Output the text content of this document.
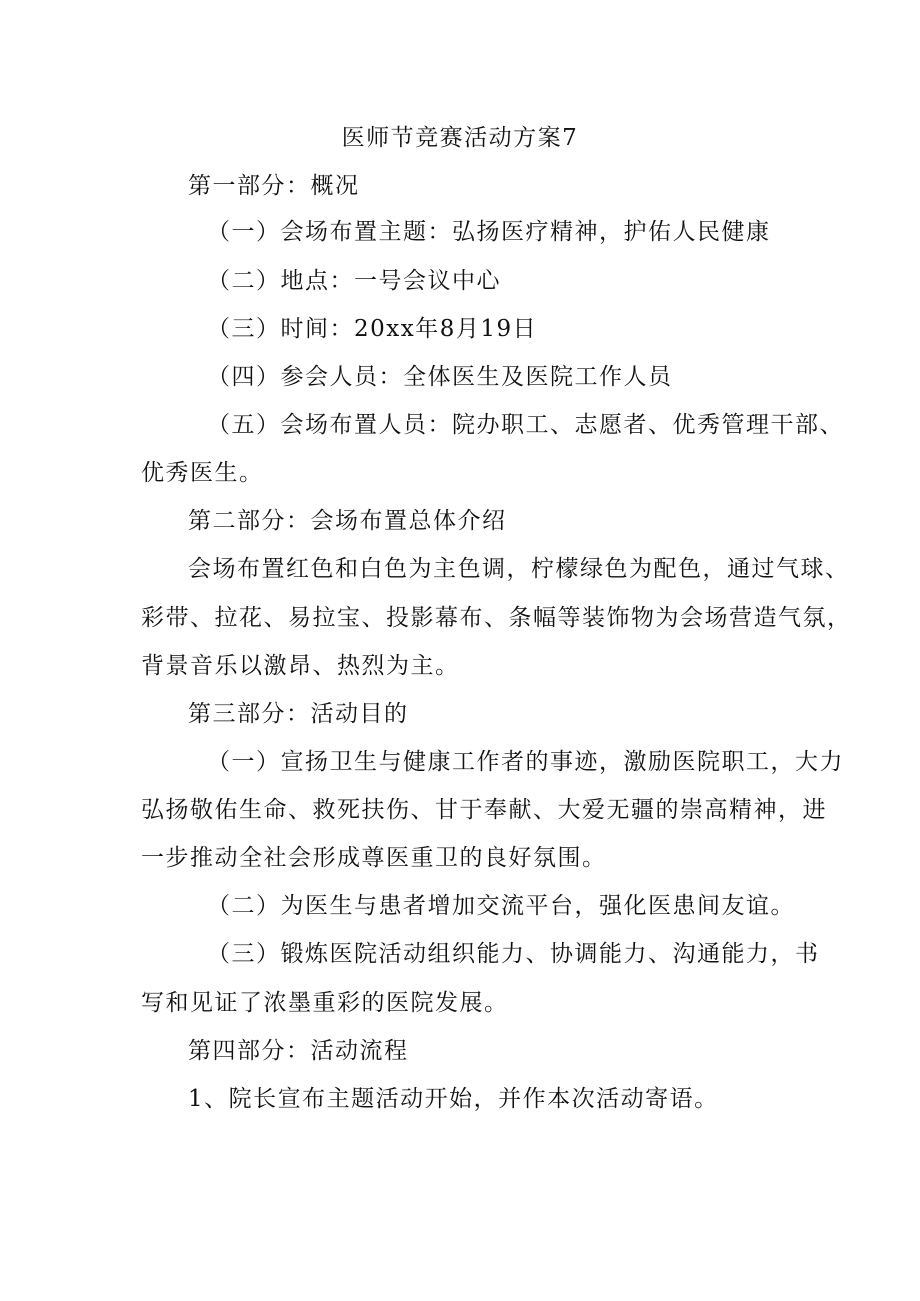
医师节竞赛活动方案7
第一部分：概况
（一）会场布置主题：弘扬医疗精神，护佑人民健康
（二）地点：一号会议中心
（三）时间：20xx年8月19日
（四）参会人员：全体医生及医院工作人员
（五）会场布置人员：院办职工、志愿者、优秀管理干部、
优秀医生。
第二部分：会场布置总体介绍
会场布置红色和白色为主色调，柠檬绿色为配色，通过气球、
彩带、拉花、易拉宝、投影幕布、条幅等装饰物为会场营造气氛，
背景音乐以激昂、热烈为主。
第三部分：活动目的
（一）宣扬卫生与健康工作者的事迹，激励医院职工，大力
弘扬敬佑生命、救死扶伤、甘于奉献、大爱无疆的崇高精神，进
一步推动全社会形成尊医重卫的良好氛围。
（二）为医生与患者增加交流平台，强化医患间友谊。
（三）锻炼医院活动组织能力、协调能力、沟通能力，书
写和见证了浓墨重彩的医院发展。
第四部分：活动流程
1、院长宣布主题活动开始，并作本次活动寄语。
